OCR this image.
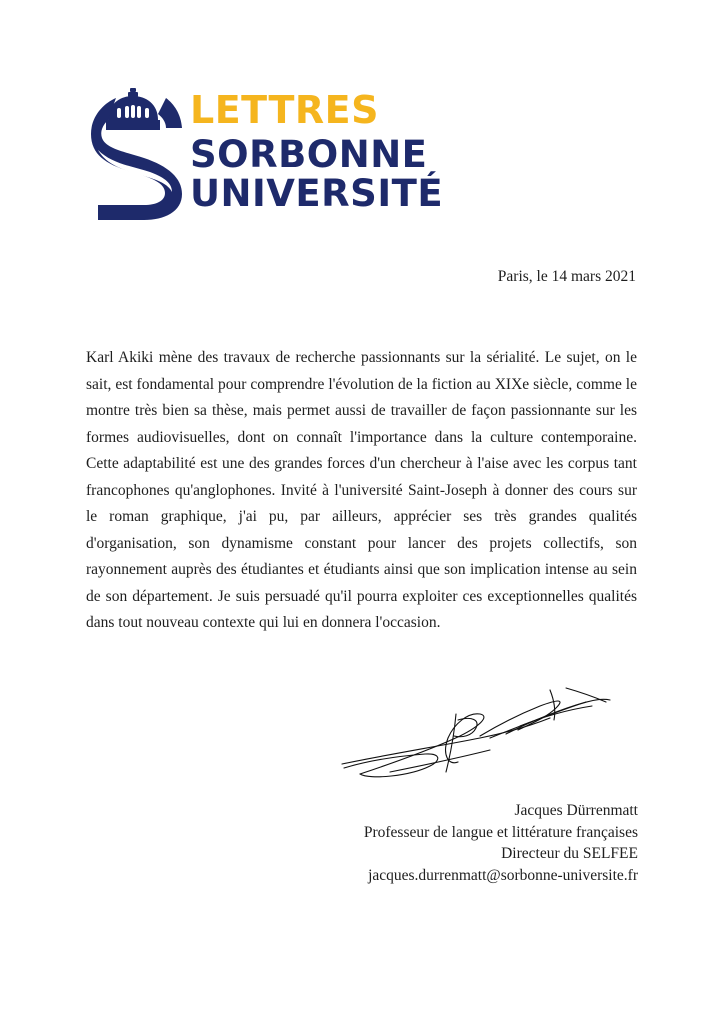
LETTRES
SORBONNE
UNIVERSITÉ
Paris, le 14 mars 2021
Karl Akiki mène des travaux de recherche passionnants sur la sérialité. Le sujet, on le sait, est fondamental pour comprendre l'évolution de la fiction au XIXe siècle, comme le montre très bien sa thèse, mais permet aussi de travailler de façon passionnante sur les formes audiovisuelles, dont on connaît l'importance dans la culture contemporaine. Cette adaptabilité est une des grandes forces d'un chercheur à l'aise avec les corpus tant francophones qu'anglophones. Invité à l'université Saint-Joseph à donner des cours sur le roman graphique, j'ai pu, par ailleurs, apprécier ses très grandes qualités d'organisation, son dynamisme constant pour lancer des projets collectifs, son rayonnement auprès des étudiantes et étudiants ainsi que son implication intense au sein de son département. Je suis persuadé qu'il pourra exploiter ces exceptionnelles qualités dans tout nouveau contexte qui lui en donnera l'occasion.
Jacques Dürrenmatt
Professeur de langue et littérature françaises
Directeur du SELFEE
jacques.durrenmatt@sorbonne-universite.fr
